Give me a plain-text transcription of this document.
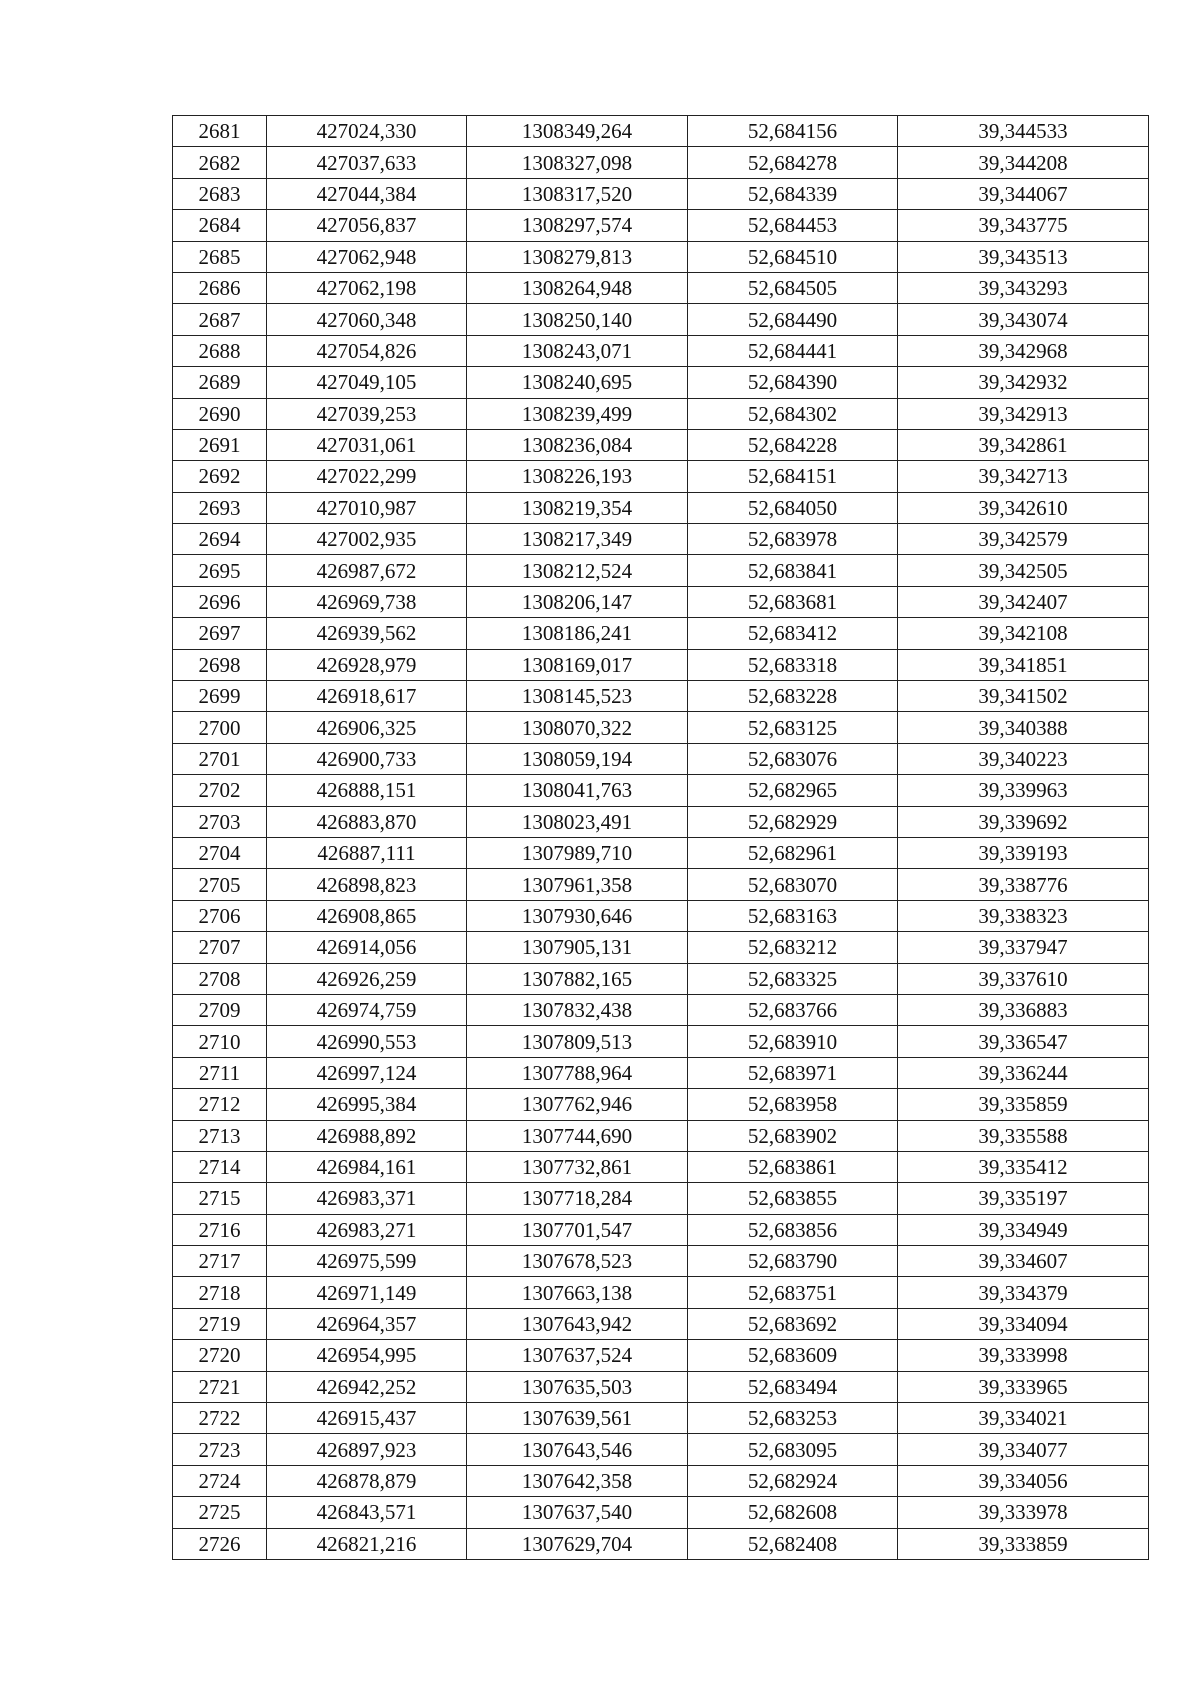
2681	427024,330	1308349,264	52,684156	39,344533
2682	427037,633	1308327,098	52,684278	39,344208
2683	427044,384	1308317,520	52,684339	39,344067
2684	427056,837	1308297,574	52,684453	39,343775
2685	427062,948	1308279,813	52,684510	39,343513
2686	427062,198	1308264,948	52,684505	39,343293
2687	427060,348	1308250,140	52,684490	39,343074
2688	427054,826	1308243,071	52,684441	39,342968
2689	427049,105	1308240,695	52,684390	39,342932
2690	427039,253	1308239,499	52,684302	39,342913
2691	427031,061	1308236,084	52,684228	39,342861
2692	427022,299	1308226,193	52,684151	39,342713
2693	427010,987	1308219,354	52,684050	39,342610
2694	427002,935	1308217,349	52,683978	39,342579
2695	426987,672	1308212,524	52,683841	39,342505
2696	426969,738	1308206,147	52,683681	39,342407
2697	426939,562	1308186,241	52,683412	39,342108
2698	426928,979	1308169,017	52,683318	39,341851
2699	426918,617	1308145,523	52,683228	39,341502
2700	426906,325	1308070,322	52,683125	39,340388
2701	426900,733	1308059,194	52,683076	39,340223
2702	426888,151	1308041,763	52,682965	39,339963
2703	426883,870	1308023,491	52,682929	39,339692
2704	426887,111	1307989,710	52,682961	39,339193
2705	426898,823	1307961,358	52,683070	39,338776
2706	426908,865	1307930,646	52,683163	39,338323
2707	426914,056	1307905,131	52,683212	39,337947
2708	426926,259	1307882,165	52,683325	39,337610
2709	426974,759	1307832,438	52,683766	39,336883
2710	426990,553	1307809,513	52,683910	39,336547
2711	426997,124	1307788,964	52,683971	39,336244
2712	426995,384	1307762,946	52,683958	39,335859
2713	426988,892	1307744,690	52,683902	39,335588
2714	426984,161	1307732,861	52,683861	39,335412
2715	426983,371	1307718,284	52,683855	39,335197
2716	426983,271	1307701,547	52,683856	39,334949
2717	426975,599	1307678,523	52,683790	39,334607
2718	426971,149	1307663,138	52,683751	39,334379
2719	426964,357	1307643,942	52,683692	39,334094
2720	426954,995	1307637,524	52,683609	39,333998
2721	426942,252	1307635,503	52,683494	39,333965
2722	426915,437	1307639,561	52,683253	39,334021
2723	426897,923	1307643,546	52,683095	39,334077
2724	426878,879	1307642,358	52,682924	39,334056
2725	426843,571	1307637,540	52,682608	39,333978
2726	426821,216	1307629,704	52,682408	39,333859
